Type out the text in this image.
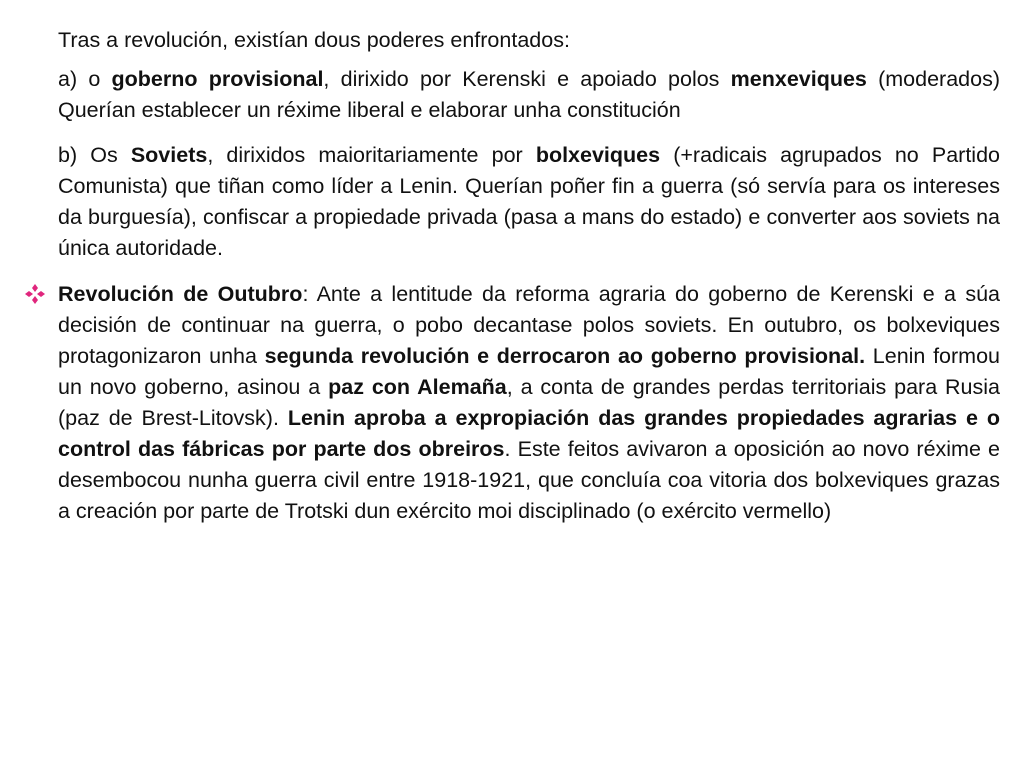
Tras a revolución, existían dous poderes enfrontados:

a) o goberno provisional, dirixido por Kerenski e apoiado polos menxeviques (moderados) Querían establecer un réxime liberal e elaborar unha constitución

b) Os Soviets, dirixidos maioritariamente por bolxeviques (+radicais agrupados no Partido Comunista) que tiñan como líder a Lenin. Querían poñer fin a guerra (só servía para os intereses da burguesía), confiscar a propiedade privada (pasa a mans do estado) e converter aos soviets na única autoridade.

Revolución de Outubro: Ante a lentitude da reforma agraria do goberno de Kerenski e a súa decisión de continuar na guerra, o pobo decantase polos soviets. En outubro, os bolxeviques protagonizaron unha segunda revolución e derrocaron ao goberno provisional. Lenin formou un novo goberno, asinou a paz con Alemaña, a conta de grandes perdas territoriais para Rusia (paz de Brest-Litovsk). Lenin aproba a expropiación das grandes propiedades agrarias e o control das fábricas por parte dos obreiros. Este feitos avivaron a oposición ao novo réxime e desembocou nunha guerra civil entre 1918-1921, que concluía coa vitoria dos bolxeviques grazas a creación por parte de Trotski dun exército moi disciplinado (o exército vermello)
